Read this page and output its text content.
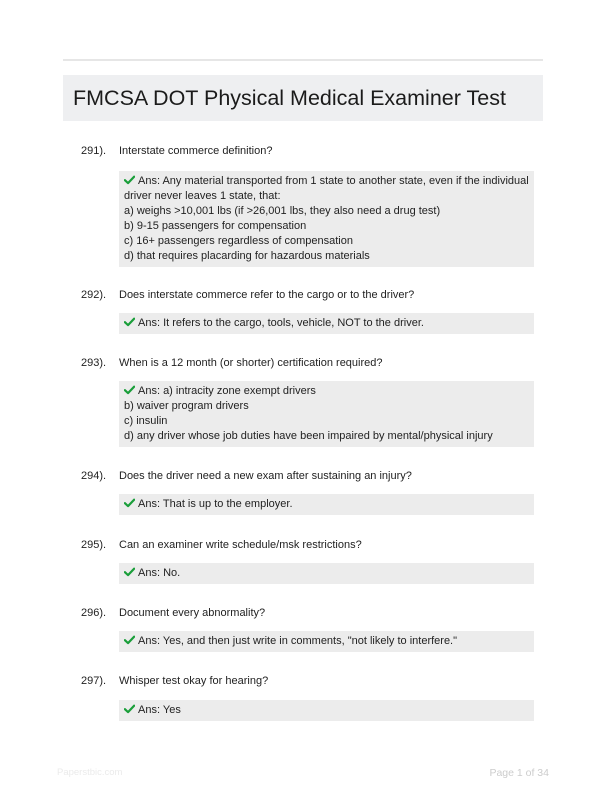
FMCSA DOT Physical Medical Examiner Test
291). Interstate commerce definition?
Ans: Any material transported from 1 state to another state, even if the individual
driver never leaves 1 state, that:
a) weighs >10,001 lbs (if >26,001 lbs, they also need a drug test)
b) 9-15 passengers for compensation
c) 16+ passengers regardless of compensation
d) that requires placarding for hazardous materials
292). Does interstate commerce refer to the cargo or to the driver?
Ans: It refers to the cargo, tools, vehicle, NOT to the driver.
293). When is a 12 month (or shorter) certification required?
Ans: a) intracity zone exempt drivers
b) waiver program drivers
c) insulin
d) any driver whose job duties have been impaired by mental/physical injury
294). Does the driver need a new exam after sustaining an injury?
Ans: That is up to the employer.
295). Can an examiner write schedule/msk restrictions?
Ans: No.
296). Document every abnormality?
Ans: Yes, and then just write in comments, "not likely to interfere."
297). Whisper test okay for hearing?
Ans: Yes
Paperstbic.com	Page 1 of 34
